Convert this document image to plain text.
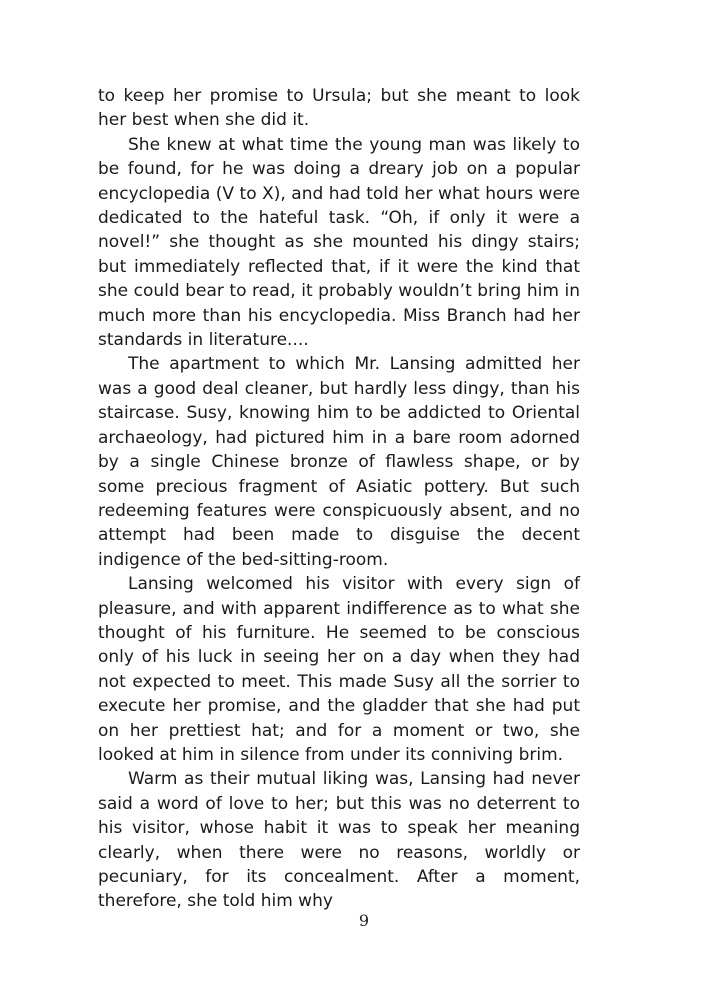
to keep her promise to Ursula; but she meant to look her best when she did it.

She knew at what time the young man was likely to be found, for he was doing a dreary job on a popular encyclopedia (V to X), and had told her what hours were dedicated to the hateful task. “Oh, if only it were a novel!” she thought as she mounted his dingy stairs; but immediately reflected that, if it were the kind that she could bear to read, it probably wouldn’t bring him in much more than his encyclopedia. Miss Branch had her standards in literature....

The apartment to which Mr. Lansing admitted her was a good deal cleaner, but hardly less dingy, than his staircase. Susy, knowing him to be addicted to Oriental archaeology, had pictured him in a bare room adorned by a single Chinese bronze of flawless shape, or by some precious fragment of Asiatic pottery. But such redeeming features were conspicuously absent, and no attempt had been made to disguise the decent indigence of the bed-sitting-room.

Lansing welcomed his visitor with every sign of pleasure, and with apparent indifference as to what she thought of his furniture. He seemed to be conscious only of his luck in seeing her on a day when they had not expected to meet. This made Susy all the sorrier to execute her promise, and the gladder that she had put on her prettiest hat; and for a moment or two, she looked at him in silence from under its conniving brim.

Warm as their mutual liking was, Lansing had never said a word of love to her; but this was no deterrent to his visitor, whose habit it was to speak her meaning clearly, when there were no reasons, worldly or pecuniary, for its concealment. After a moment, therefore, she told him why

9
